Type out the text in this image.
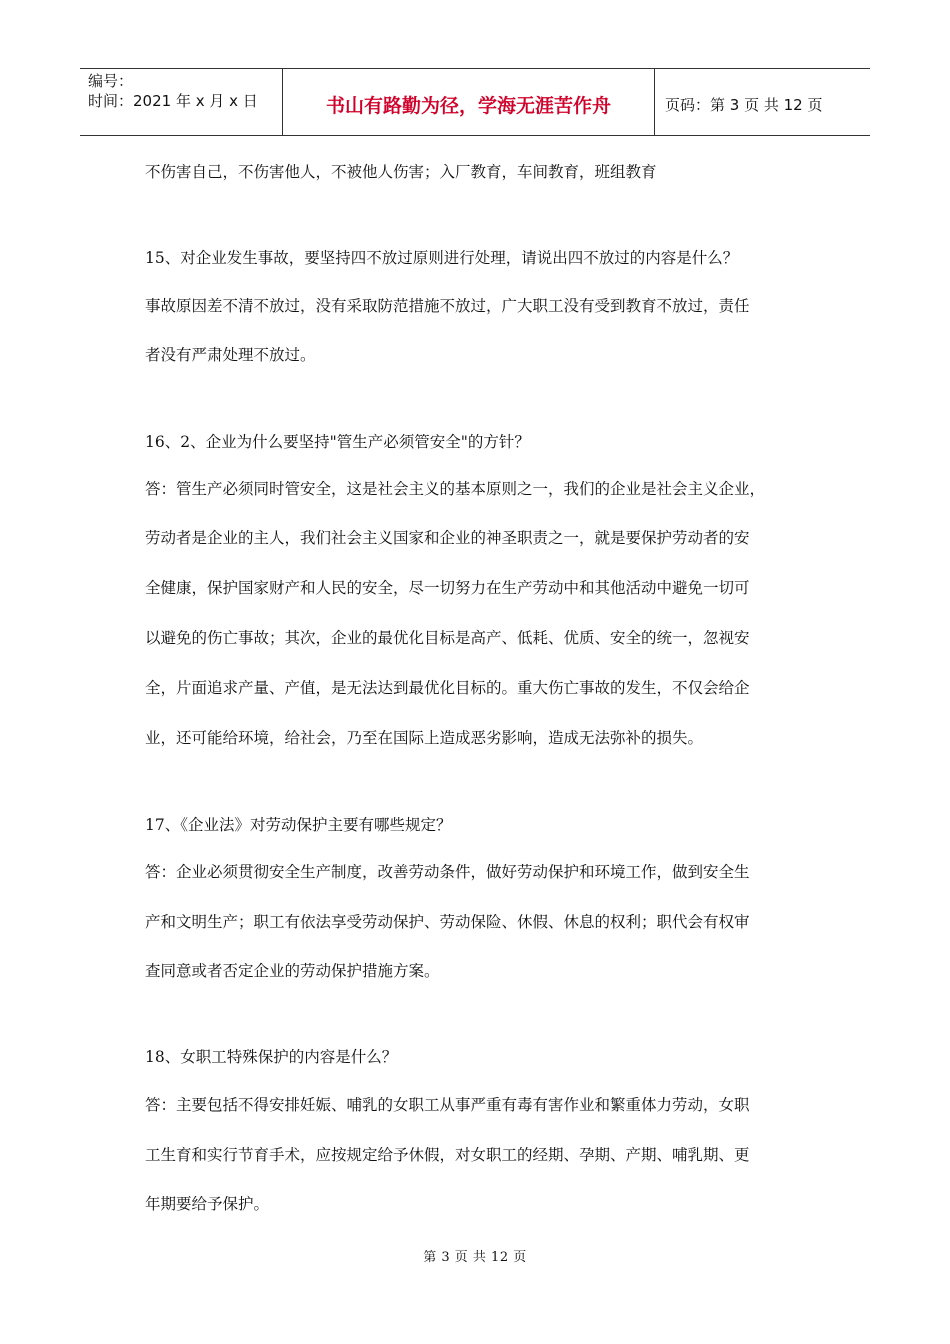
编号：
时间：2021 年 x 月 x 日	书山有路勤为径，学海无涯苦作舟	页码：第 3 页 共 12 页
不伤害自己，不伤害他人，不被他人伤害；入厂教育，车间教育，班组教育
15、对企业发生事故，要坚持四不放过原则进行处理，请说出四不放过的内容是什么？
事故原因差不清不放过，没有采取防范措施不放过，广大职工没有受到教育不放过，责任
者没有严肃处理不放过。
16、2、企业为什么要坚持"管生产必须管安全"的方针？
答：管生产必须同时管安全，这是社会主义的基本原则之一，我们的企业是社会主义企业，
劳动者是企业的主人，我们社会主义国家和企业的神圣职责之一，就是要保护劳动者的安
全健康，保护国家财产和人民的安全，尽一切努力在生产劳动中和其他活动中避免一切可
以避免的伤亡事故；其次，企业的最优化目标是高产、低耗、优质、安全的统一，忽视安
全，片面追求产量、产值，是无法达到最优化目标的。重大伤亡事故的发生，不仅会给企
业，还可能给环境，给社会，乃至在国际上造成恶劣影响，造成无法弥补的损失。
17、《企业法》对劳动保护主要有哪些规定？
答：企业必须贯彻安全生产制度，改善劳动条件，做好劳动保护和环境工作，做到安全生
产和文明生产；职工有依法享受劳动保护、劳动保险、休假、休息的权利；职代会有权审
查同意或者否定企业的劳动保护措施方案。
18、女职工特殊保护的内容是什么？
答：主要包括不得安排妊娠、哺乳的女职工从事严重有毒有害作业和繁重体力劳动，女职
工生育和实行节育手术，应按规定给予休假，对女职工的经期、孕期、产期、哺乳期、更
年期要给予保护。
第 3 页 共 12 页
